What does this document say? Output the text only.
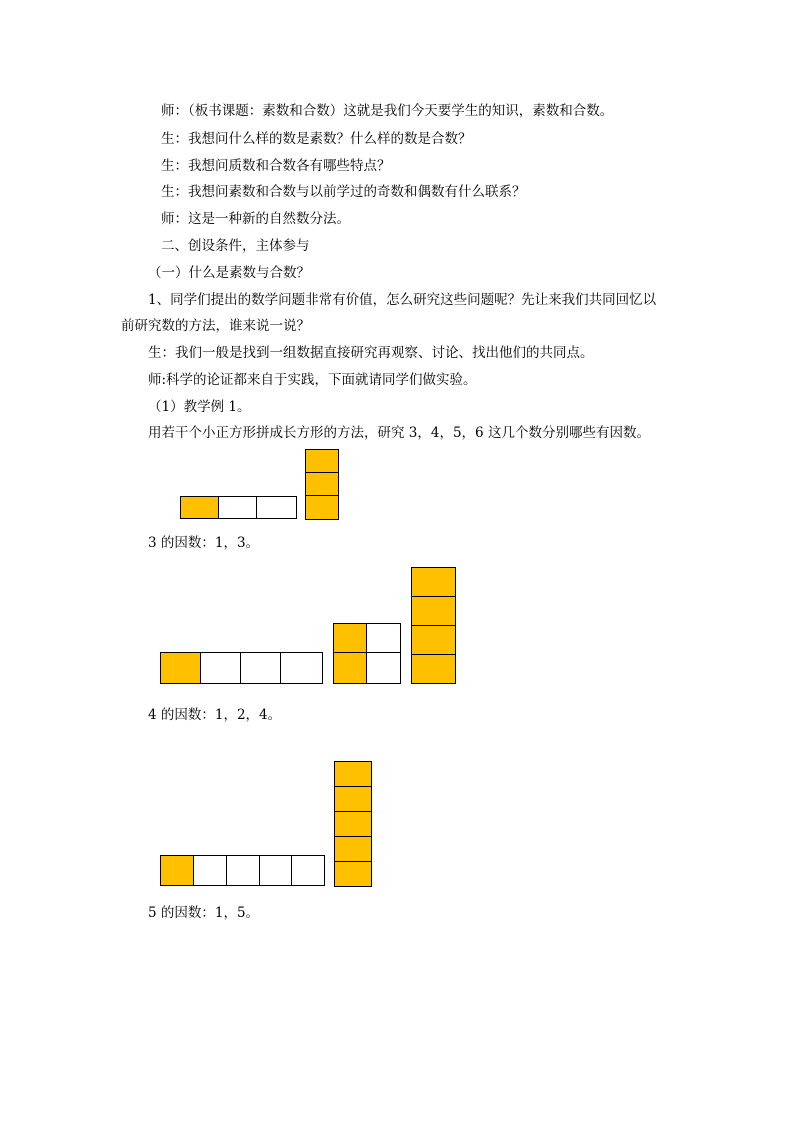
师：（板书课题：素数和合数）这就是我们今天要学生的知识，素数和合数。
生：我想问什么样的数是素数？什么样的数是合数？
生：我想问质数和合数各有哪些特点？
生：我想问素数和合数与以前学过的奇数和偶数有什么联系？
师：这是一种新的自然数分法。
二、创设条件，主体参与
（一）什么是素数与合数？
1、同学们提出的数学问题非常有价值，怎么研究这些问题呢？先让来我们共同回忆以
前研究数的方法，谁来说一说？
生：我们一般是找到一组数据直接研究再观察、讨论、找出他们的共同点。
师:科学的论证都来自于实践，下面就请同学们做实验。
（1）教学例 1。
用若干个小正方形拼成长方形的方法，研究 3，4，5，6 这几个数分别哪些有因数。
3 的因数：1，3。
4 的因数：1，2，4。
5 的因数：1，5。
